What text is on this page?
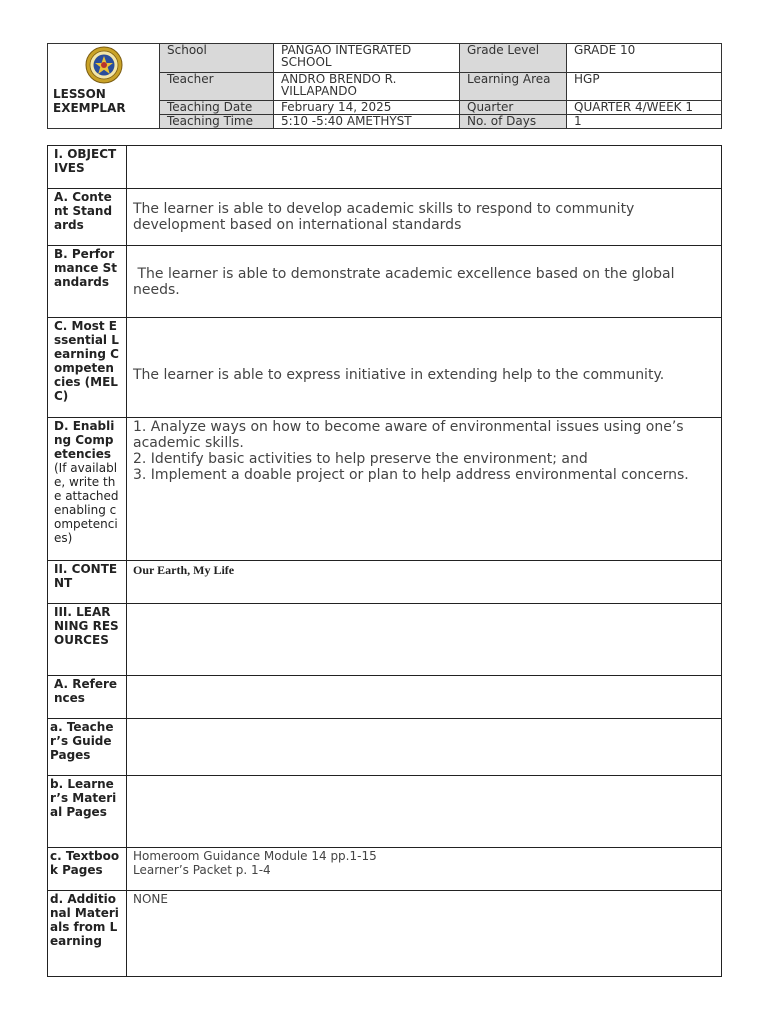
LESSON
EXEMPLAR	School	PANGAO INTEGRATED SCHOOL	Grade Level	GRADE 10
	Teacher	ANDRO BRENDO R. VILLAPANDO	Learning Area	HGP
	Teaching Date	February 14, 2025	Quarter	QUARTER 4/WEEK 1
	Teaching Time	5:10 -5:40 AMETHYST	No. of Days	1
I. OBJECTIVES	
A. Content Standards	The learner is able to develop academic skills to respond to community development based on international standards
B. Performance Standards	The learner is able to demonstrate academic excellence based on the global needs.
C. Most Essential Learning Competencies (MELC)	The learner is able to express initiative in extending help to the community.
D. Enabling Competencies (If available, write the attached enabling competencies)	1. Analyze ways on how to become aware of environmental issues using one’s academic skills.
2. Identify basic activities to help preserve the environment; and
3. Implement a doable project or plan to help address environmental concerns.

II. CONTENT	Our Earth, My Life
III. LEARNING RESOURCES	
A. References	
a. Teacher’s Guide Pages	
b. Learner’s Material Pages	
c. Textbook Pages	Homeroom Guidance Module 14 pp.1-15
Learner’s Packet p. 1-4

d. Additional Materials from Learning	NONE
